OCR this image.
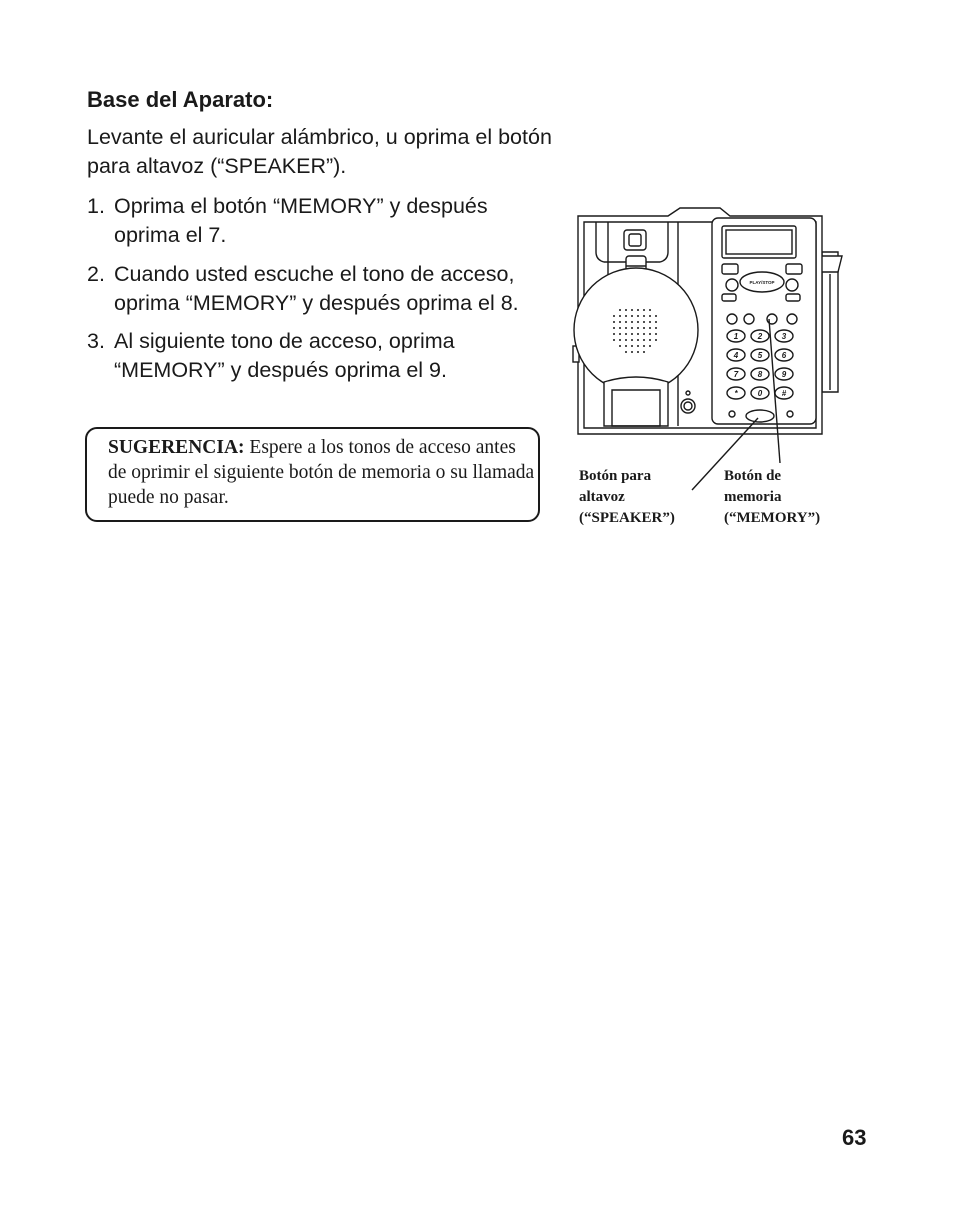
Base del Aparato:
Levante el auricular alámbrico, u oprima el botón para altavoz (“SPEAKER”).
1. Oprima el botón “MEMORY” y después oprima el 7.
2. Cuando usted escuche el tono de acceso, oprima “MEMORY” y después oprima el 8.
3. Al siguiente tono de acceso, oprima “MEMORY” y después oprima el 9.
SUGERENCIA: Espere a los tonos de acceso antes de oprimir el siguiente botón de memoria o su llamada puede no pasar.
PLAY/STOP
1 2 3
4 5 6
7 8 9
*	0 #
Botón para
altavoz
(“SPEAKER”)
Botón de
memoria
(“MEMORY”)
63
